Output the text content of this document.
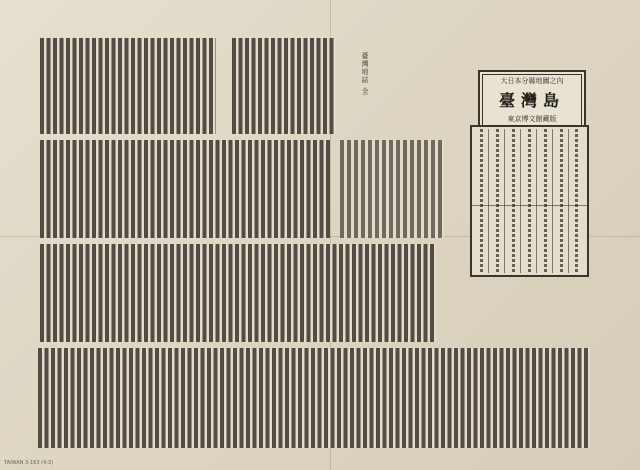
臺灣地誌 全
大日本分縣地圖之內
臺灣島
東京博文館藏版
TAIWAN 3-163 (4:3)
